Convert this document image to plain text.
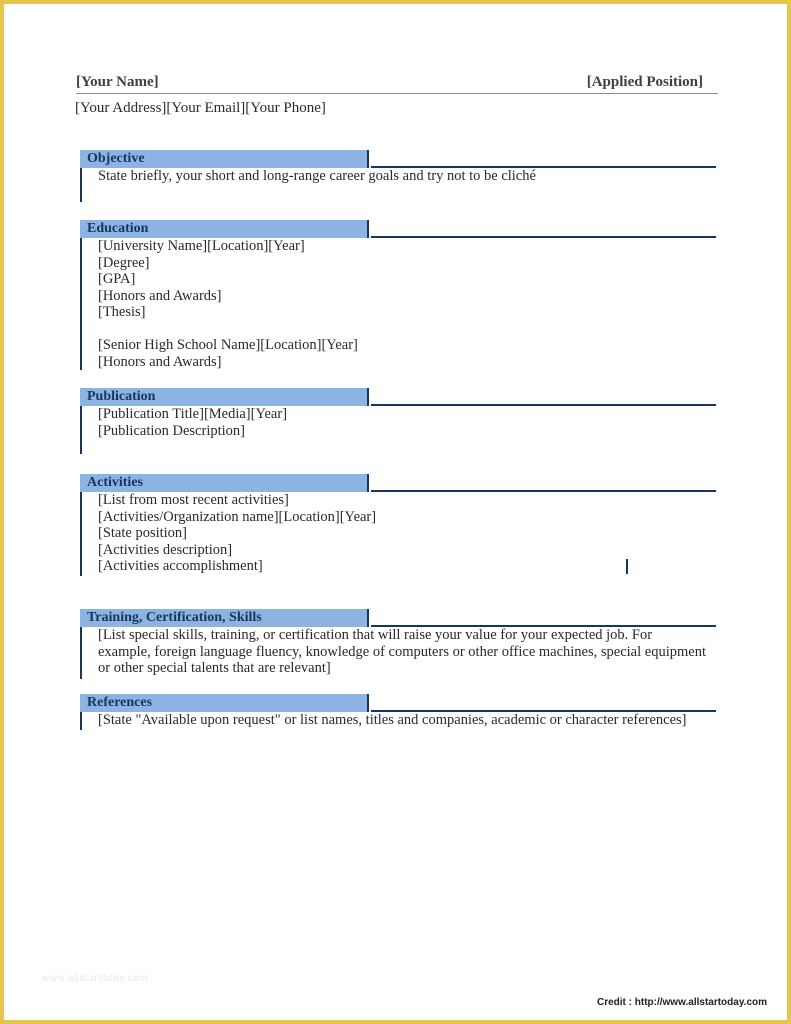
[Your Name]	[Applied Position]
[Your Address][Your Email][Your Phone]
Objective
State briefly, your short and long-range career goals and try not to be cliché
Education
[University Name][Location][Year]
[Degree]
[GPA]
[Honors and Awards]
[Thesis]
[Senior High School Name][Location][Year]
[Honors and Awards]
Publication
[Publication Title][Media][Year]
[Publication Description]
Activities
[List from most recent activities]
[Activities/Organization name][Location][Year]
[State position]
[Activities description]
[Activities accomplishment]
Training, Certification, Skills
[List special skills, training, or certification that will raise your value for your expected job. For example, foreign language fluency, knowledge of computers or other office machines, special equipment or other special talents that are relevant]
References
[State "Available upon request" or list names, titles and companies, academic or character references]
www.allstartoday.com
Credit : http://www.allstartoday.com
